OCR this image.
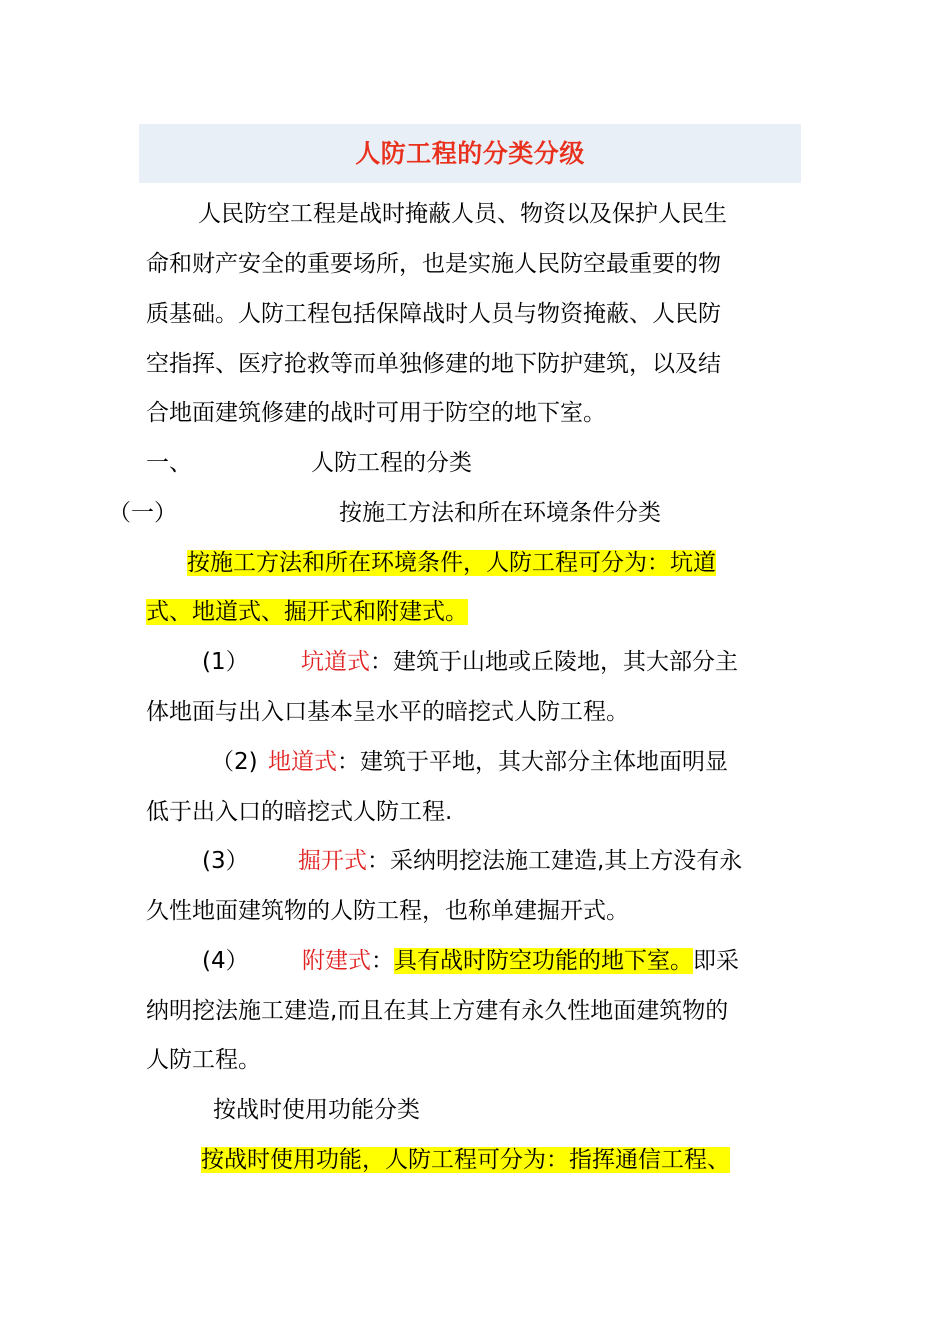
人防工程的分类分级
人民防空工程是战时掩蔽人员、物资以及保护人民生
命和财产安全的重要场所，也是实施人民防空最重要的物
质基础。人防工程包括保障战时人员与物资掩蔽、人民防
空指挥、医疗抢救等而单独修建的地下防护建筑，以及结
合地面建筑修建的战时可用于防空的地下室。
一、	人防工程的分类
（一）	按施工方法和所在环境条件分类
按施工方法和所在环境条件，人防工程可分为：坑道
式、地道式、掘开式和附建式。
(1） 坑道式：建筑于山地或丘陵地，其大部分主
体地面与出入口基本呈水平的暗挖式人防工程。
（2) 地道式：建筑于平地，其大部分主体地面明显
低于出入口的暗挖式人防工程.
(3） 掘开式：采纳明挖法施工建造,其上方没有永
久性地面建筑物的人防工程，也称单建掘开式。
(4） 附建式：具有战时防空功能的地下室。即采
纳明挖法施工建造,而且在其上方建有永久性地面建筑物的
人防工程。
按战时使用功能分类
按战时使用功能，人防工程可分为：指挥通信工程、
